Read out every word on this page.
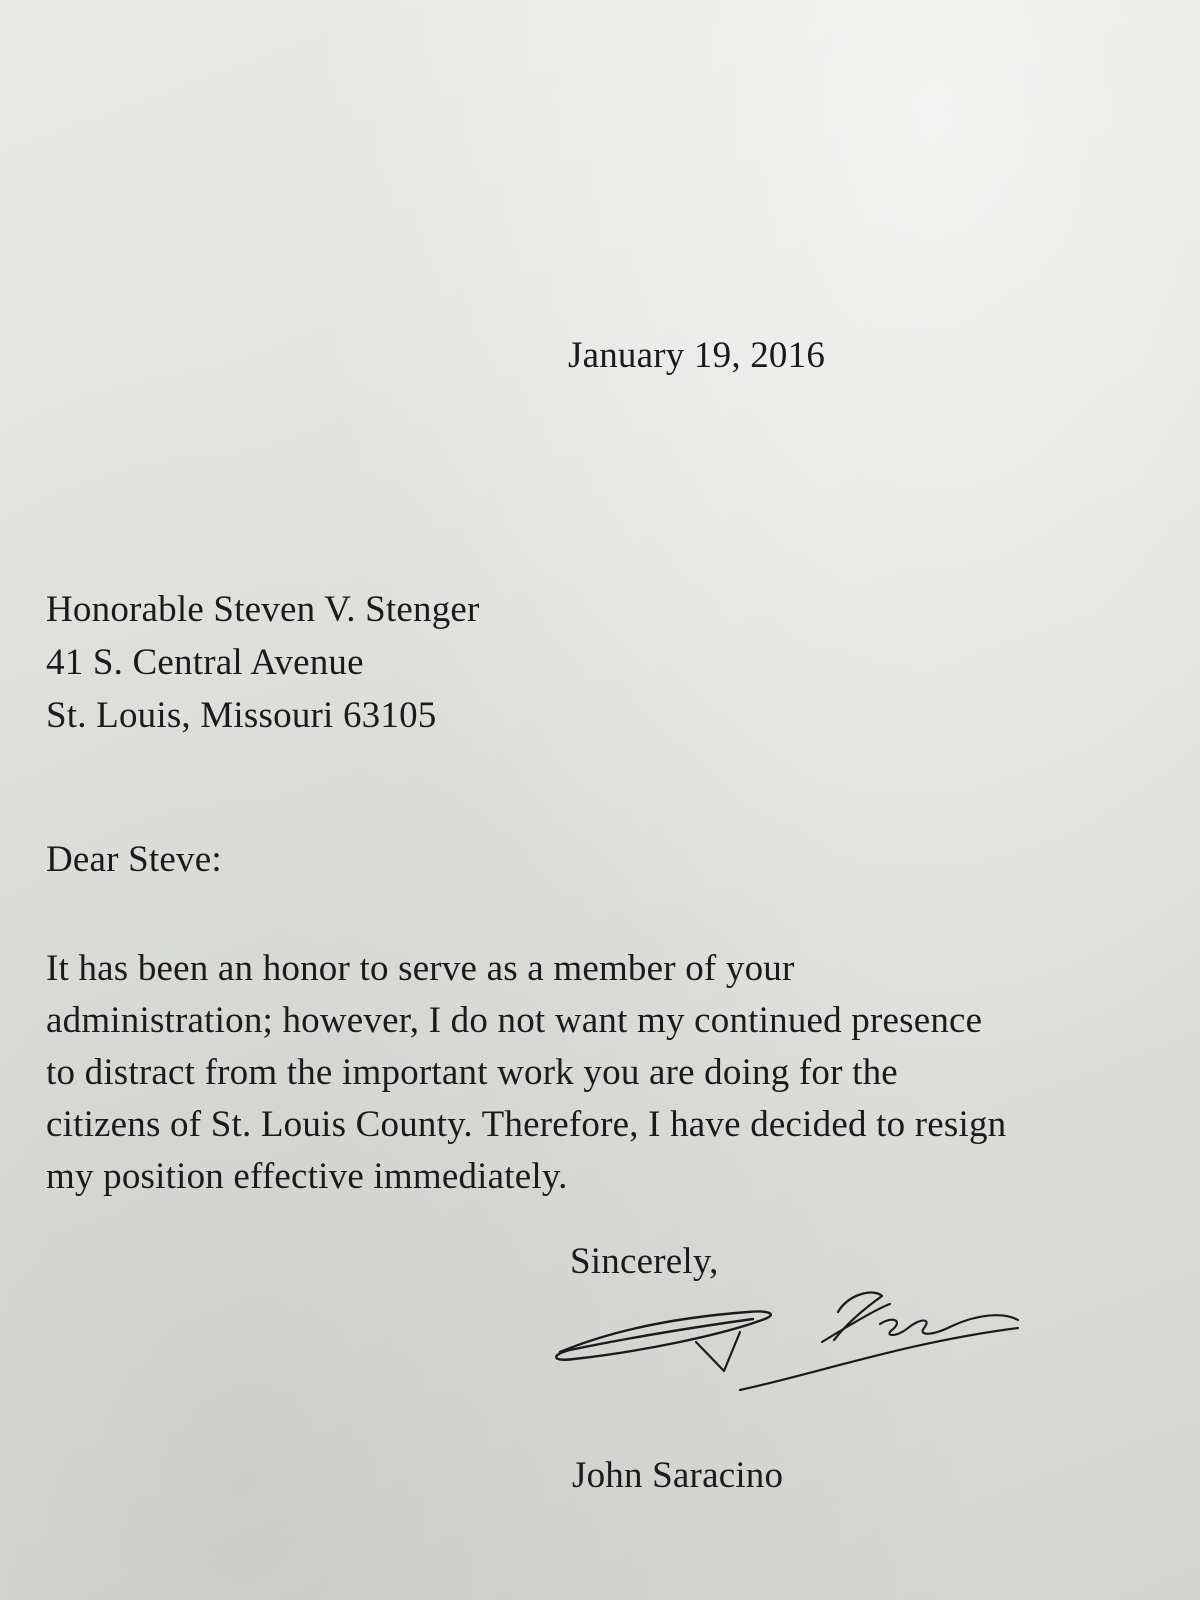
January 19, 2016

Honorable Steven V. Stenger
41 S. Central Avenue
St. Louis, Missouri 63105

Dear Steve:

It has been an honor to serve as a member of your
administration; however, I do not want my continued presence
to distract from the important work you are doing for the
citizens of St. Louis County. Therefore, I have decided to resign
my position effective immediately.

Sincerely,

John Saracino
